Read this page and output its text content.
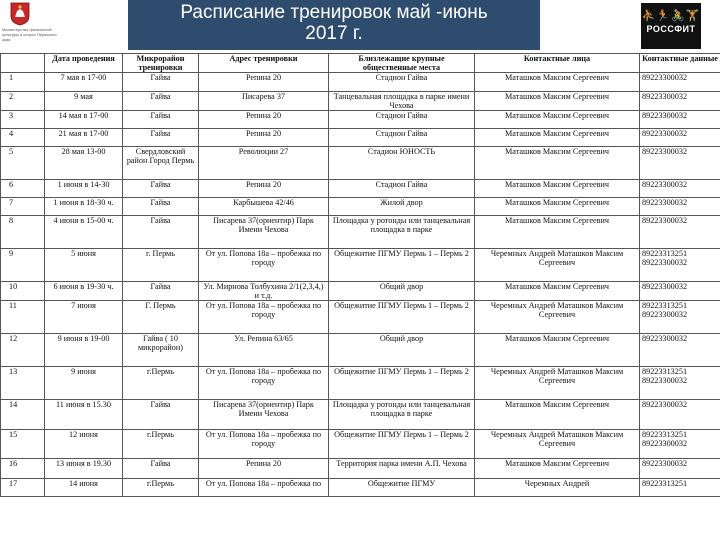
Министерство физической культуры и спорта Пермского края
Расписание тренировок май -июнь
2017 г.
⛹🏃🚴🏋
РОССФИТ
	Дата проведения	Микрорайон тренировки	Адрес тренировки	Близлежащие крупные общественные места	Контактные лица	Контактные данные
1	7 мая в 17-00	Гайва	Репина 20	Стадион Гайва	Маташков Максим Сергеевич	89223300032
2	9 мая	Гайва	Писарева 37	Танцевальная площадка в парке имени Чехова	Маташков Максим Сергеевич	89223300032
3	14 мая в 17-00	Гайва	Репина 20	Стадион Гайва	Маташков Максим Сергеевич	89223300032
4	21 мая в 17-00	Гайва	Репина 20	Стадион Гайва	Маташков Максим Сергеевич	89223300032
5	28 мая 13-00	Свердловский район Город Пермь	Революции 27	Стадион ЮНОСТЬ	Маташков Максим Сергеевич	89223300032
6	1 июня в 14-30	Гайва	Репина 20	Стадион Гайва	Маташков Максим Сергеевич	89223300032
7	1 июня в 18-30 ч.	Гайва	Карбышева 42/46	Жилой двор	Маташков Максим Сергеевич	89223300032
8	4 июня в 15-00 ч.	Гайва	Писарева 37(ориентир) Парк Имени Чехова	Площадка у ротонды или танцевальная площадка в парке	Маташков Максим Сергеевич	89223300032
9	5 июня	г. Пермь	От ул. Попова 18а – пробежка по городу	Общежитие ПГМУ Пермь 1 – Пермь 2	Черемных Андрей Маташков Максим Сергеевич	89223313251 89223300032
10	6 июня в 19-30 ч.	Гайва	Ул. Мирнова Толбухина 2/1(2,3,4,) и т.д.	Общий двор	Маташков Максим Сергеевич	89223300032
11	7 июня	Г. Пермь	От ул. Попова 18а – пробежка по городу	Общежитие ПГМУ Пермь 1 – Пермь 2	Черемных Андрей Маташков Максим Сергеевич	89223313251 89223300032
12	9 июня в 19-00	Гайва ( 10 микрорайон)	Ул. Репина 63/65	Общий двор	Маташков Максим Сергеевич	89223300032
13	9 июня	г.Пермь	От ул. Попова 18а – пробежка по городу	Общежитие ПГМУ Пермь 1 – Пермь 2	Черемных Андрей Маташков Максим Сергеевич	89223313251 89223300032
14	11 июня в 15.30	Гайва	Писарева 37(ориентир) Парк Имени Чехова	Площадка у ротонды или танцевальная площадка в парке	Маташков Максим Сергеевич	89223300032
15	12 июня	г.Пермь	От ул. Попова 18а – пробежка по городу	Общежитие ПГМУ Пермь 1 – Пермь 2	Черемных Андрей Маташков Максим Сергеевич	89223313251 89223300032
16	13 июня в 19.30	Гайва	Репина 20	Территория парка имени А.П. Чехова	Маташков Максим Сергеевич	89223300032
17	14 июня	г.Пермь	От ул. Попова 18а – пробежка по	Общежитие ПГМУ	Черемных Андрей	89223313251
